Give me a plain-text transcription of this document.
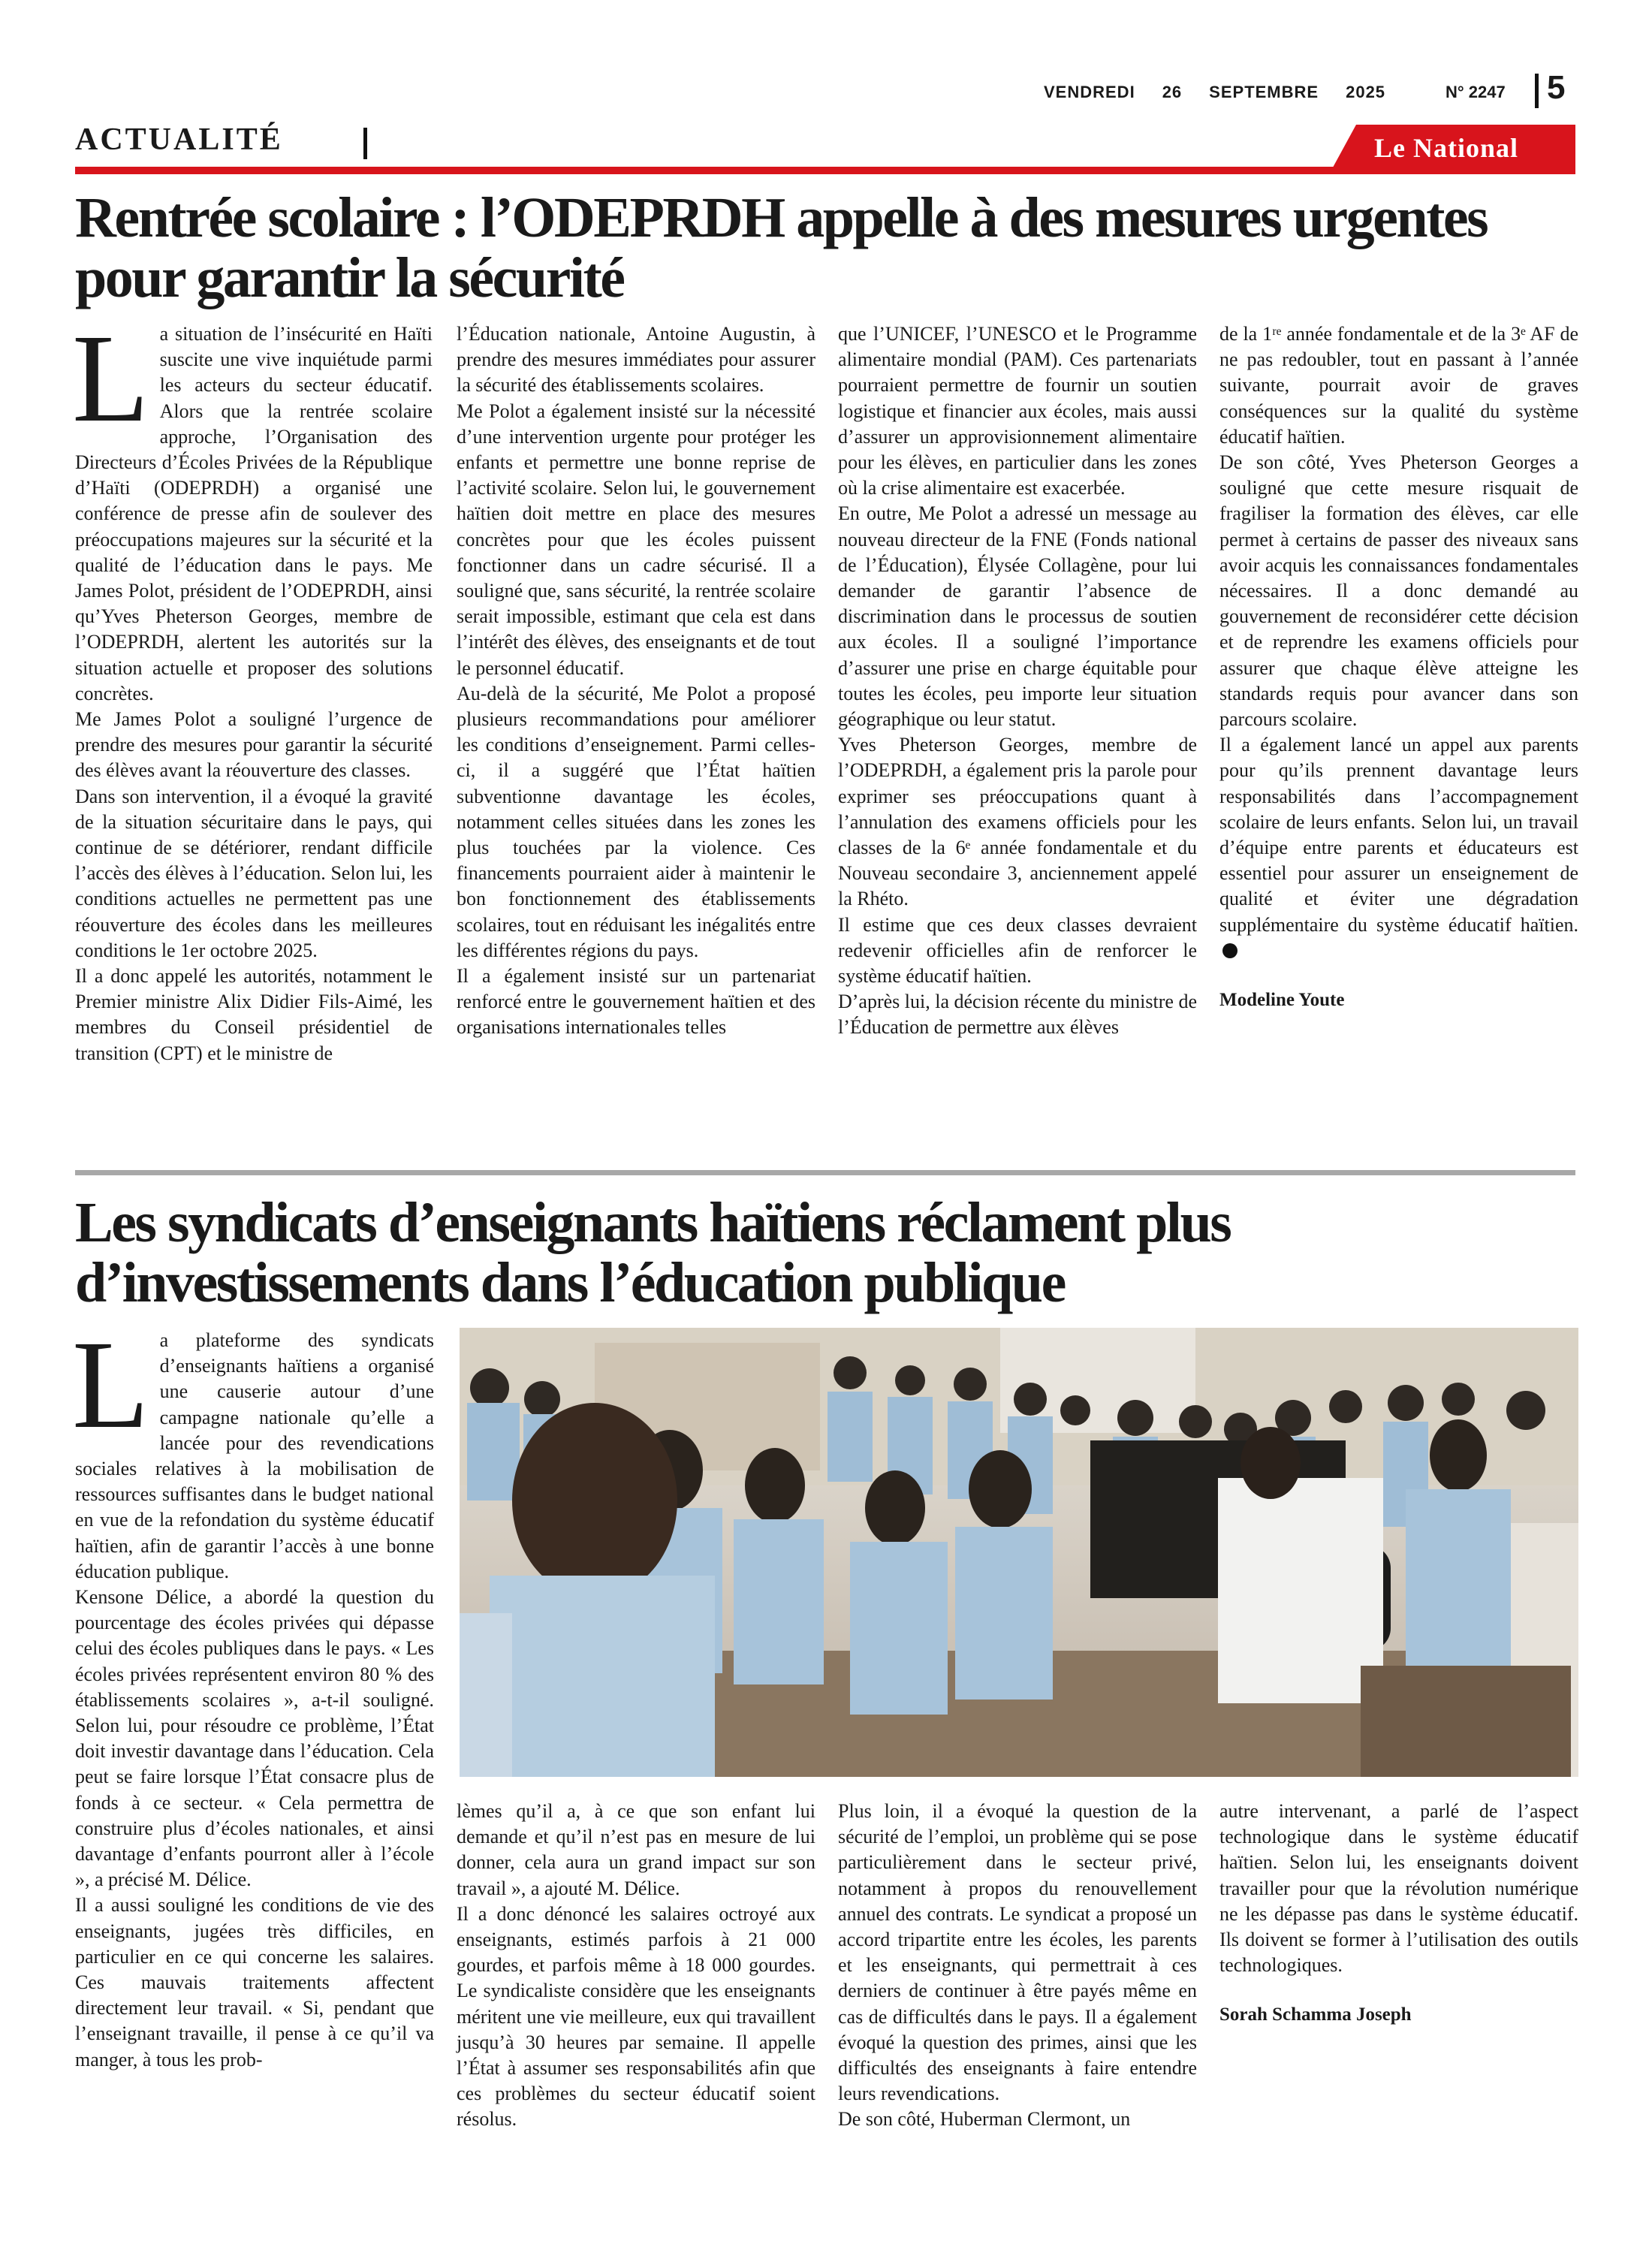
VENDREDI 26 SEPTEMBRE 2025	N° 2247 5
ACTUALITÉ	Le National
Rentrée scolaire : l’ODEPRDH appelle à des mesures urgentes pour garantir la sécurité

La situation de l’insécurité en Haïti suscite une vive inquiétude parmi les acteurs du secteur éducatif. Alors que la rentrée scolaire approche, l’Organisation des Directeurs d’Écoles Privées de la République d’Haïti (ODEPRDH) a organisé une conférence de presse afin de soulever des préoccupations majeures sur la sécurité et la qualité de l’éducation dans le pays. Me James Polot, président de l’ODEPRDH, ainsi qu’Yves Pheterson Georges, membre de l’ODEPRDH, alertent les autorités sur la situation actuelle et proposer des solutions concrètes.

Me James Polot a souligné l’urgence de prendre des mesures pour garantir la sécurité des élèves avant la réouverture des classes.

Dans son intervention, il a évoqué la gravité de la situation sécuritaire dans le pays, qui continue de se détériorer, rendant difficile l’accès des élèves à l’éducation. Selon lui, les conditions actuelles ne permettent pas une réouverture des écoles dans les meilleures conditions le 1er octobre 2025.

Il a donc appelé les autorités, notamment le Premier ministre Alix Didier Fils-Aimé, les membres du Conseil présidentiel de transition (CPT) et le ministre de

l’Éducation nationale, Antoine Augustin, à prendre des mesures immédiates pour assurer la sécurité des établissements scolaires.

Me Polot a également insisté sur la nécessité d’une intervention urgente pour protéger les enfants et permettre une bonne reprise de l’activité scolaire. Selon lui, le gouvernement haïtien doit mettre en place des mesures concrètes pour que les écoles puissent fonctionner dans un cadre sécurisé. Il a souligné que, sans sécurité, la rentrée scolaire serait impossible, estimant que cela est dans l’intérêt des élèves, des enseignants et de tout le personnel éducatif.

Au-delà de la sécurité, Me Polot a proposé plusieurs recommandations pour améliorer les conditions d’enseignement. Parmi celles-ci, il a suggéré que l’État haïtien subventionne davantage les écoles, notamment celles situées dans les zones les plus touchées par la violence. Ces financements pourraient aider à maintenir le bon fonctionnement des établissements scolaires, tout en réduisant les inégalités entre les différentes régions du pays.

Il a également insisté sur un partenariat renforcé entre le gouvernement haïtien et des organisations internationales telles

que l’UNICEF, l’UNESCO et le Programme alimentaire mondial (PAM). Ces partenariats pourraient permettre de fournir un soutien logistique et financier aux écoles, mais aussi d’assurer un approvisionnement alimentaire pour les élèves, en particulier dans les zones où la crise alimentaire est exacerbée.

En outre, Me Polot a adressé un message au nouveau directeur de la FNE (Fonds national de l’Éducation), Élysée Collagène, pour lui demander de garantir l’absence de discrimination dans le processus de soutien aux écoles. Il a souligné l’importance d’assurer une prise en charge équitable pour toutes les écoles, peu importe leur situation géographique ou leur statut.

Yves Pheterson Georges, membre de l’ODEPRDH, a également pris la parole pour exprimer ses préoccupations quant à l’annulation des examens officiels pour les classes de la 6ᵉ année fondamentale et du Nouveau secondaire 3, anciennement appelé la Rhéto.

Il estime que ces deux classes devraient redevenir officielles afin de renforcer le système éducatif haïtien.

D’après lui, la décision récente du ministre de l’Éducation de permettre aux élèves

de la 1ʳᵉ année fondamentale et de la 3ᵉ AF de ne pas redoubler, tout en passant à l’année suivante, pourrait avoir de graves conséquences sur la qualité du système éducatif haïtien.

De son côté, Yves Pheterson Georges a souligné que cette mesure risquait de fragiliser la formation des élèves, car elle permet à certains de passer des niveaux sans avoir acquis les connaissances fondamentales nécessaires. Il a donc demandé au gouvernement de reconsidérer cette décision et de reprendre les examens officiels pour assurer que chaque élève atteigne les standards requis pour avancer dans son parcours scolaire.

Il a également lancé un appel aux parents pour qu’ils prennent davantage leurs responsabilités dans l’accompagnement scolaire de leurs enfants. Selon lui, un travail d’équipe entre parents et éducateurs est essentiel pour assurer un enseignement de qualité et éviter une dégradation supplémentaire du système éducatif haïtien.

Modeline Youte

Les syndicats d’enseignants haïtiens réclament plus d’investissements dans l’éducation publique

La plateforme des syndicats d’enseignants haïtiens a organisé une causerie autour d’une campagne nationale qu’elle a lancée pour des revendications sociales relatives à la mobilisation de ressources suffisantes dans le budget national en vue de la refondation du système éducatif haïtien, afin de garantir l’accès à une bonne éducation publique.

Kensone Délice, a abordé la question du pourcentage des écoles privées qui dépasse celui des écoles publiques dans le pays. « Les écoles privées représentent environ 80 % des établissements scolaires », a-t-il souligné. Selon lui, pour résoudre ce problème, l’État doit investir davantage dans l’éducation. Cela peut se faire lorsque l’État consacre plus de fonds à ce secteur. « Cela permettra de construire plus d’écoles nationales, et ainsi davantage d’enfants pourront aller à l’école », a précisé M. Délice.

Il a aussi souligné les conditions de vie des enseignants, jugées très difficiles, en particulier en ce qui concerne les salaires. Ces mauvais traitements affectent directement leur travail. « Si, pendant que l’enseignant travaille, il pense à ce qu’il va manger, à tous les prob-

lèmes qu’il a, à ce que son enfant lui demande et qu’il n’est pas en mesure de lui donner, cela aura un grand impact sur son travail », a ajouté M. Délice.

Il a donc dénoncé les salaires octroyé aux enseignants, estimés parfois à 21 000 gourdes, et parfois même à 18 000 gourdes. Le syndicaliste considère que les enseignants méritent une vie meilleure, eux qui travaillent jusqu’à 30 heures par semaine. Il appelle l’État à assumer ses responsabilités afin que ces problèmes du secteur éducatif soient résolus.

Plus loin, il a évoqué la question de la sécurité de l’emploi, un problème qui se pose particulièrement dans le secteur privé, notamment à propos du renouvellement annuel des contrats. Le syndicat a proposé un accord tripartite entre les écoles, les parents et les enseignants, qui permettrait à ces derniers de continuer à être payés même en cas de difficultés dans le pays. Il a également évoqué la question des primes, ainsi que les difficultés des enseignants à faire entendre leurs revendications.

De son côté, Huberman Clermont, un

autre intervenant, a parlé de l’aspect technologique dans le système éducatif haïtien. Selon lui, les enseignants doivent travailler pour que la révolution numérique ne les dépasse pas dans le système éducatif. Ils doivent se former à l’utilisation des outils technologiques.

Sorah Schamma Joseph
